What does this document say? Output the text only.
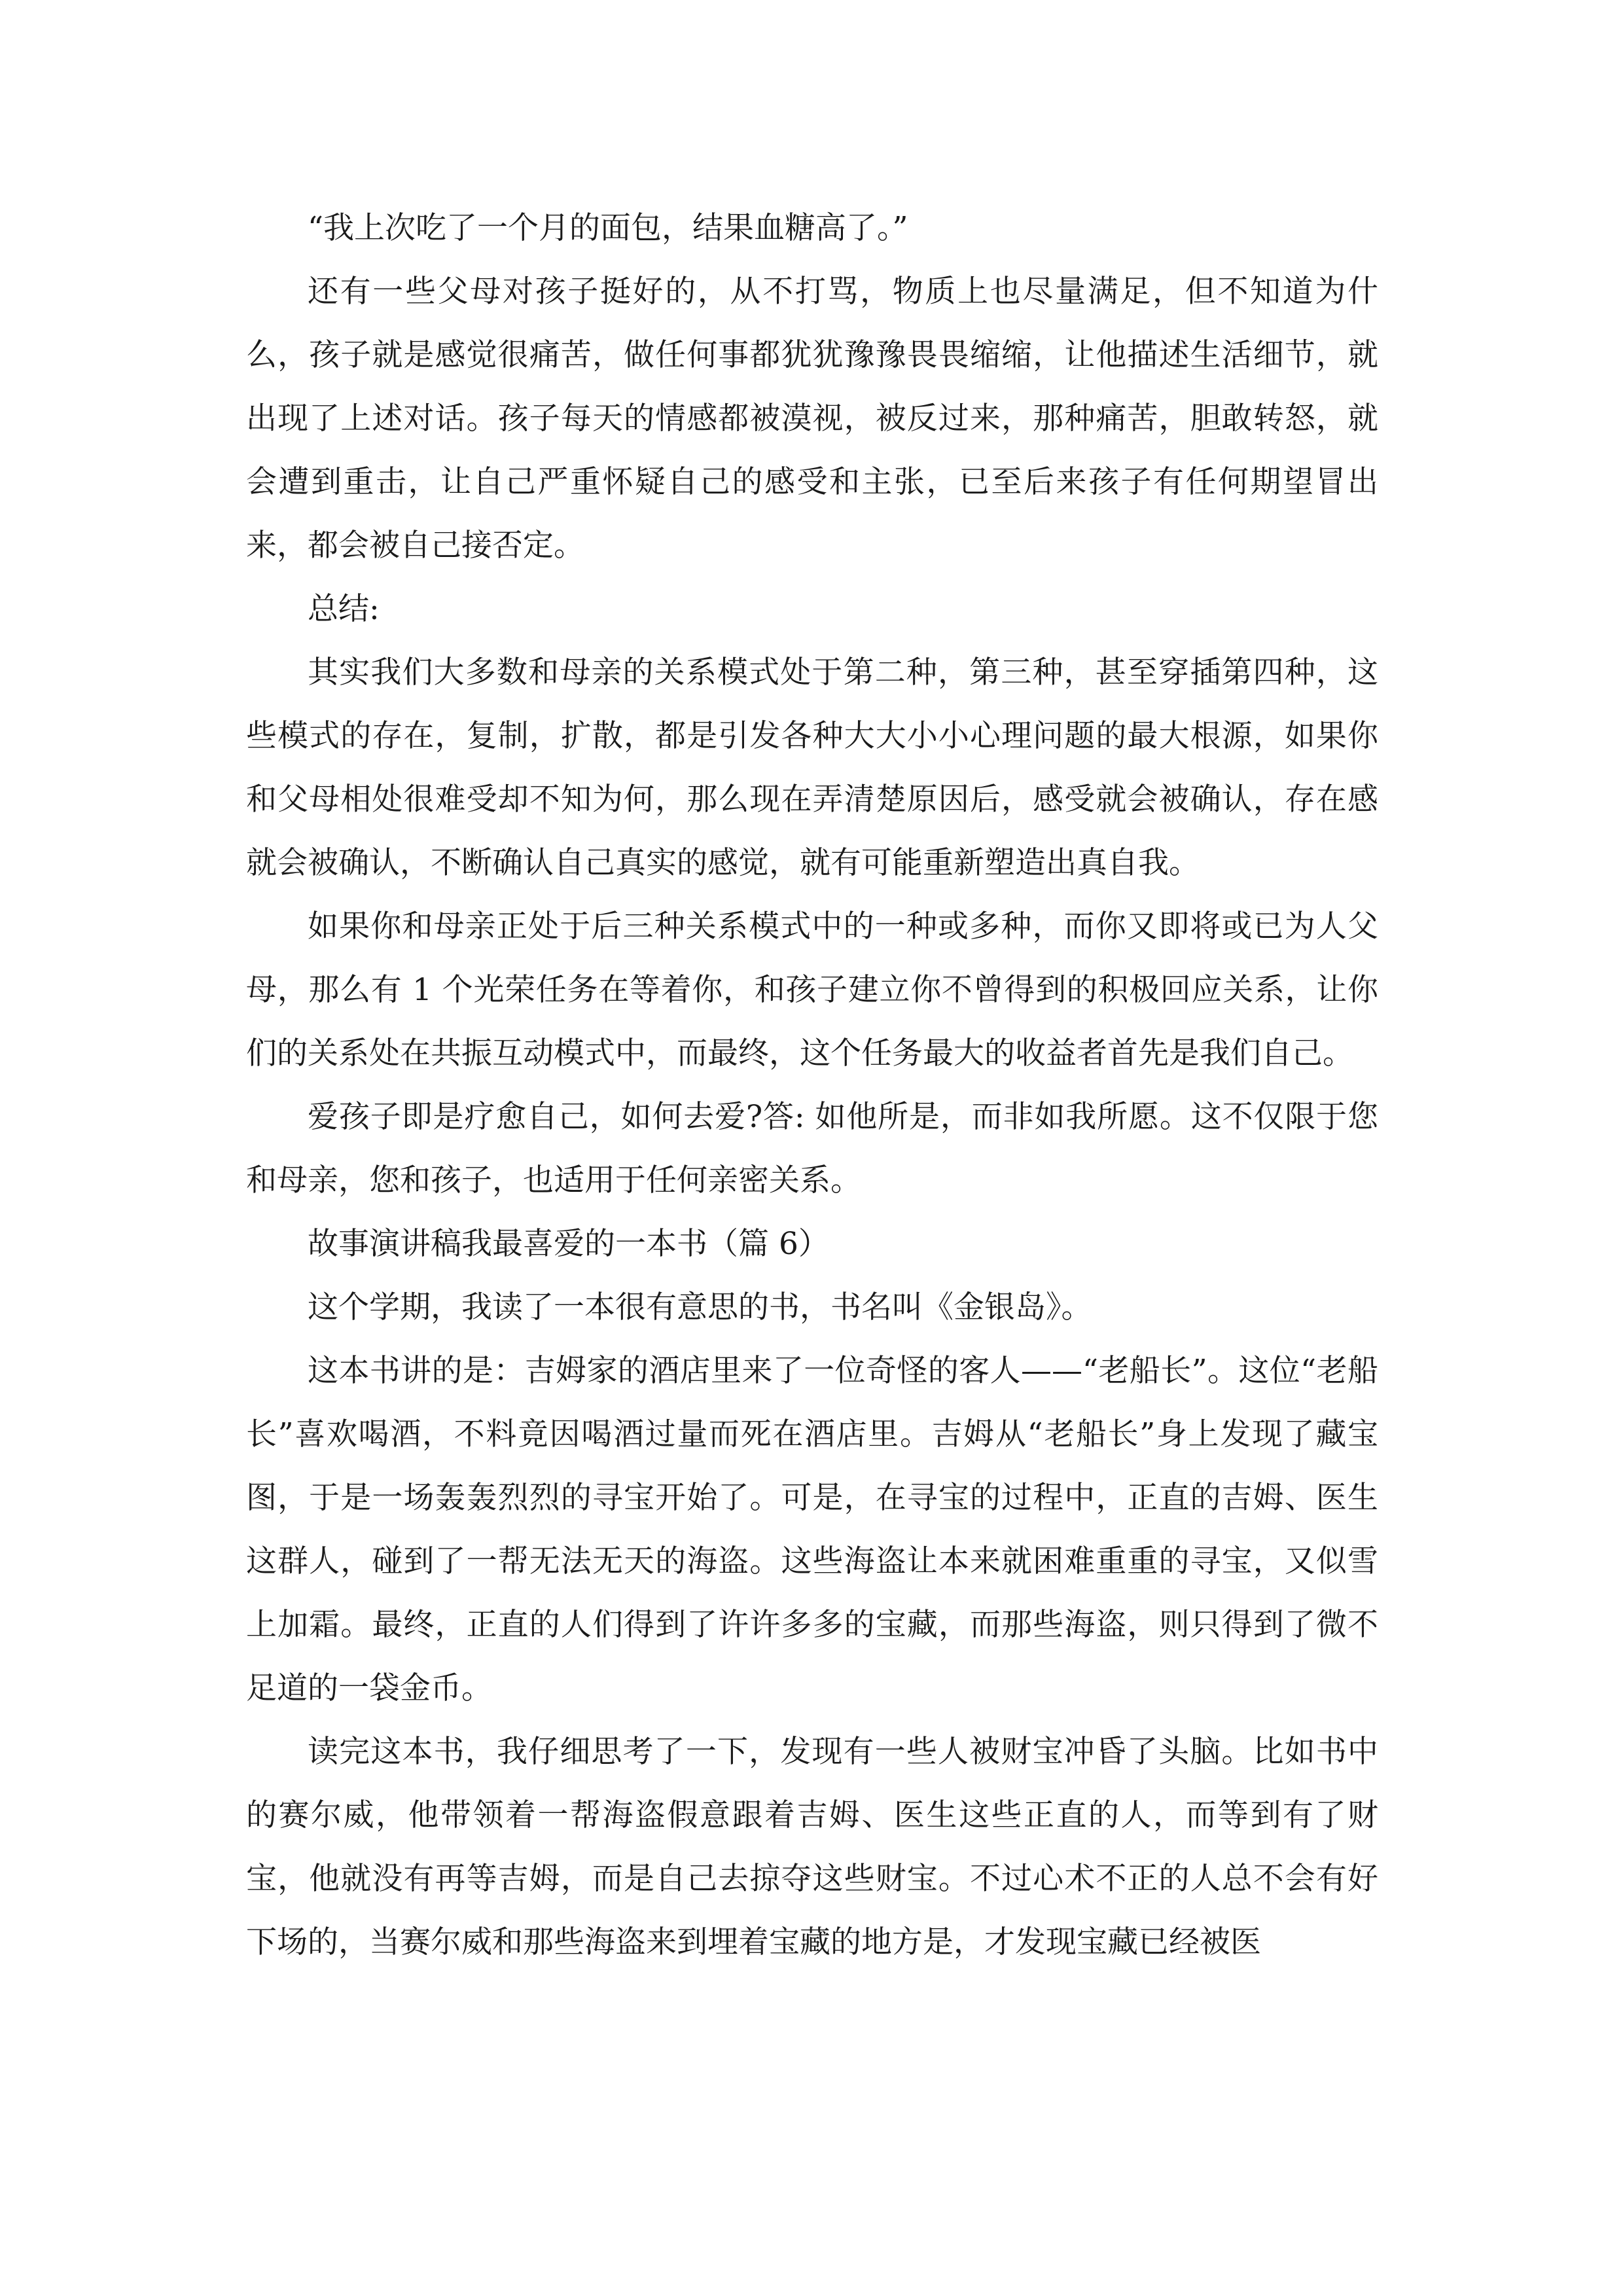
“我上次吃了一个月的面包，结果血糖高了。”

还有一些父母对孩子挺好的，从不打骂，物质上也尽量满足，但不知道为什么，孩子就是感觉很痛苦，做任何事都犹犹豫豫畏畏缩缩，让他描述生活细节，就出现了上述对话。孩子每天的情感都被漠视，被反过来，那种痛苦，胆敢转怒，就会遭到重击，让自己严重怀疑自己的感受和主张，已至后来孩子有任何期望冒出来，都会被自己接否定。

总结:

其实我们大多数和母亲的关系模式处于第二种，第三种，甚至穿插第四种，这些模式的存在，复制，扩散，都是引发各种大大小小心理问题的最大根源，如果你和父母相处很难受却不知为何，那么现在弄清楚原因后，感受就会被确认，存在感就会被确认，不断确认自己真实的感觉，就有可能重新塑造出真自我。

如果你和母亲正处于后三种关系模式中的一种或多种，而你又即将或已为人父母，那么有 1 个光荣任务在等着你，和孩子建立你不曾得到的积极回应关系，让你们的关系处在共振互动模式中，而最终，这个任务最大的收益者首先是我们自己。

爱孩子即是疗愈自己，如何去爱?答: 如他所是，而非如我所愿。这不仅限于您和母亲，您和孩子，也适用于任何亲密关系。

故事演讲稿我最喜爱的一本书（篇 6）

这个学期，我读了一本很有意思的书，书名叫《金银岛》。

这本书讲的是：吉姆家的酒店里来了一位奇怪的客人——“老船长”。这位“老船长”喜欢喝酒，不料竟因喝酒过量而死在酒店里。吉姆从“老船长”身上发现了藏宝图，于是一场轰轰烈烈的寻宝开始了。可是，在寻宝的过程中，正直的吉姆、医生这群人，碰到了一帮无法无天的海盗。这些海盗让本来就困难重重的寻宝，又似雪上加霜。最终，正直的人们得到了许许多多的宝藏，而那些海盗，则只得到了微不足道的一袋金币。

读完这本书，我仔细思考了一下，发现有一些人被财宝冲昏了头脑。比如书中的赛尔威，他带领着一帮海盗假意跟着吉姆、医生这些正直的人，而等到有了财宝，他就没有再等吉姆，而是自己去掠夺这些财宝。不过心术不正的人总不会有好下场的，当赛尔威和那些海盗来到埋着宝藏的地方是，才发现宝藏已经被医
